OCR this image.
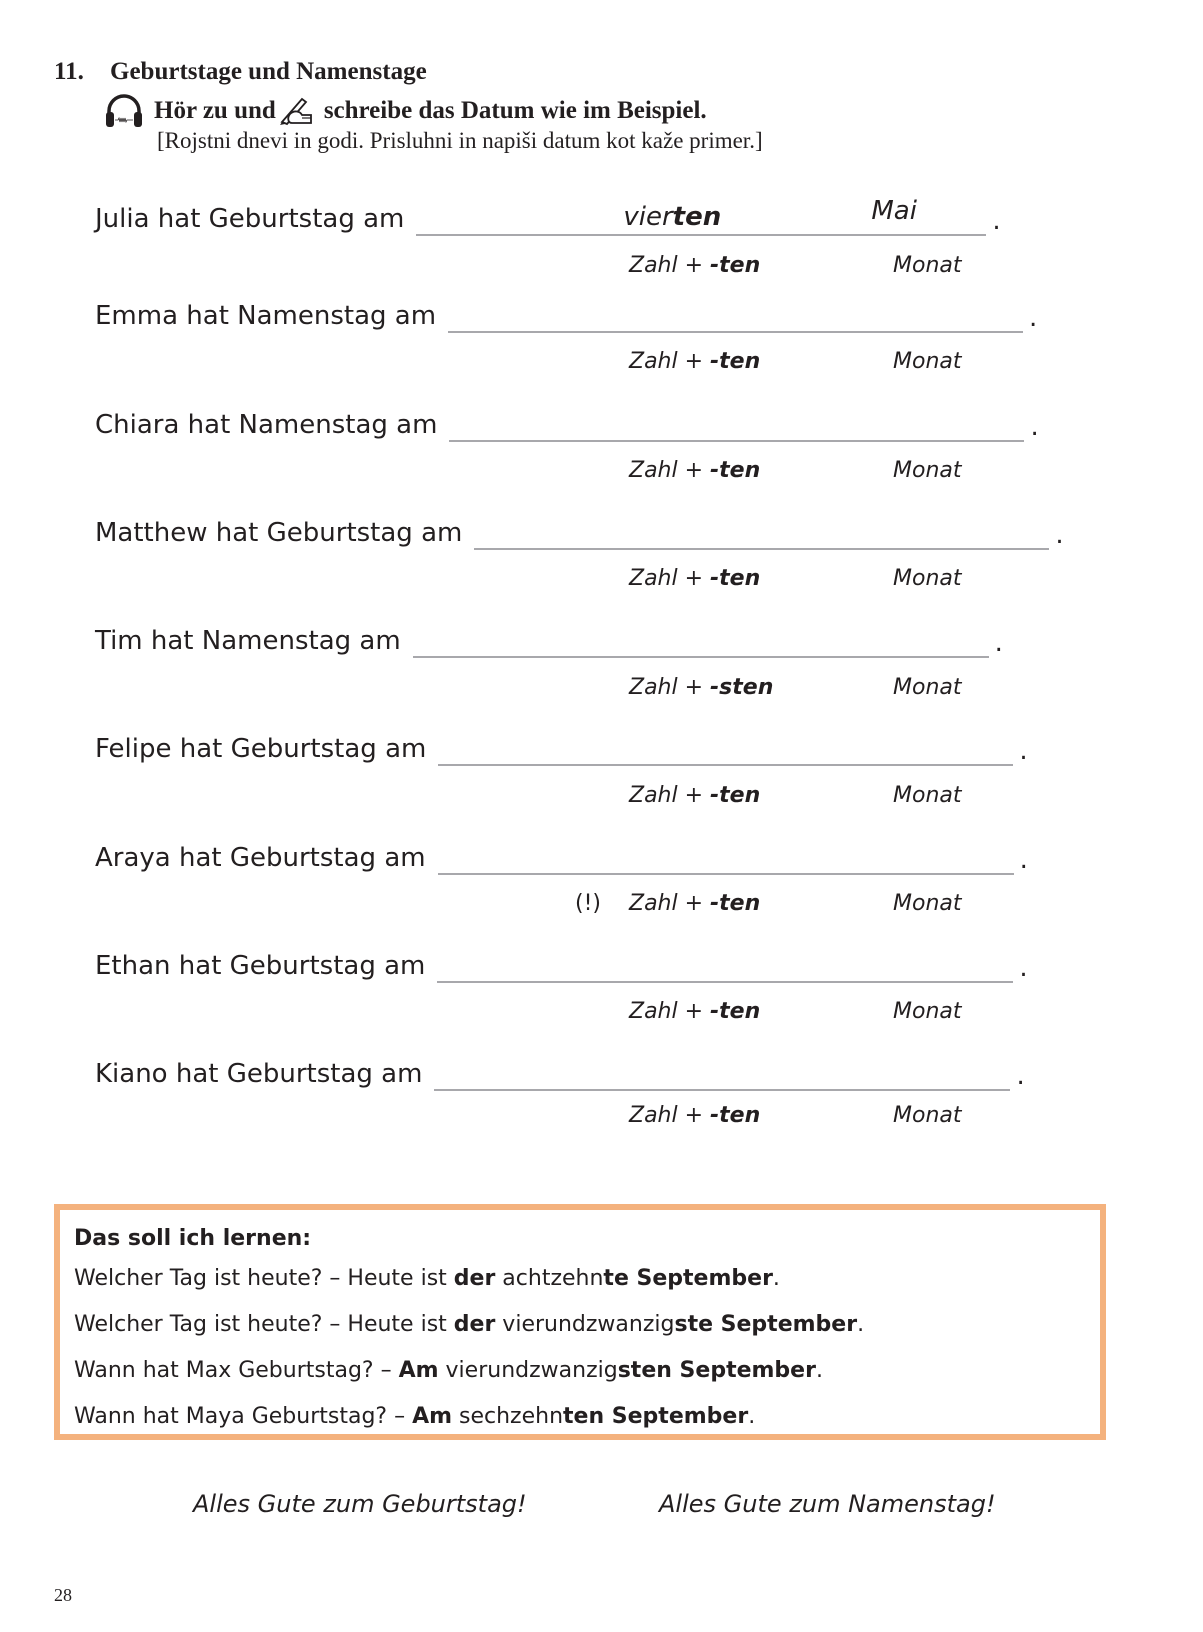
11. Geburtstage und Namenstage
Hör zu und schreibe das Datum wie im Beispiel.
[Rojstni dnevi in godi. Prisluhni in napiši datum kot kaže primer.]
Julia hat Geburtstag am	vierten	Mai	.
Zahl + -ten	Monat
Emma hat Namenstag am	.
Zahl + -ten	Monat
Chiara hat Namenstag am	.
Zahl + -ten	Monat
Matthew hat Geburtstag am	.
Zahl + -ten	Monat
Tim hat Namenstag am	.
Zahl + -sten	Monat
Felipe hat Geburtstag am	.
Zahl + -ten	Monat
Araya hat Geburtstag am	.
(!) Zahl + -ten	Monat
Ethan hat Geburtstag am	.
Zahl + -ten	Monat
Kiano hat Geburtstag am	.
Zahl + -ten	Monat
Das soll ich lernen:
Welcher Tag ist heute? – Heute ist der achtzehnte September.
Welcher Tag ist heute? – Heute ist der vierundzwanzigste September.
Wann hat Max Geburtstag? – Am vierundzwanzigsten September.
Wann hat Maya Geburtstag? – Am sechzehnten September.
Alles Gute zum Geburtstag!	Alles Gute zum Namenstag!
28
